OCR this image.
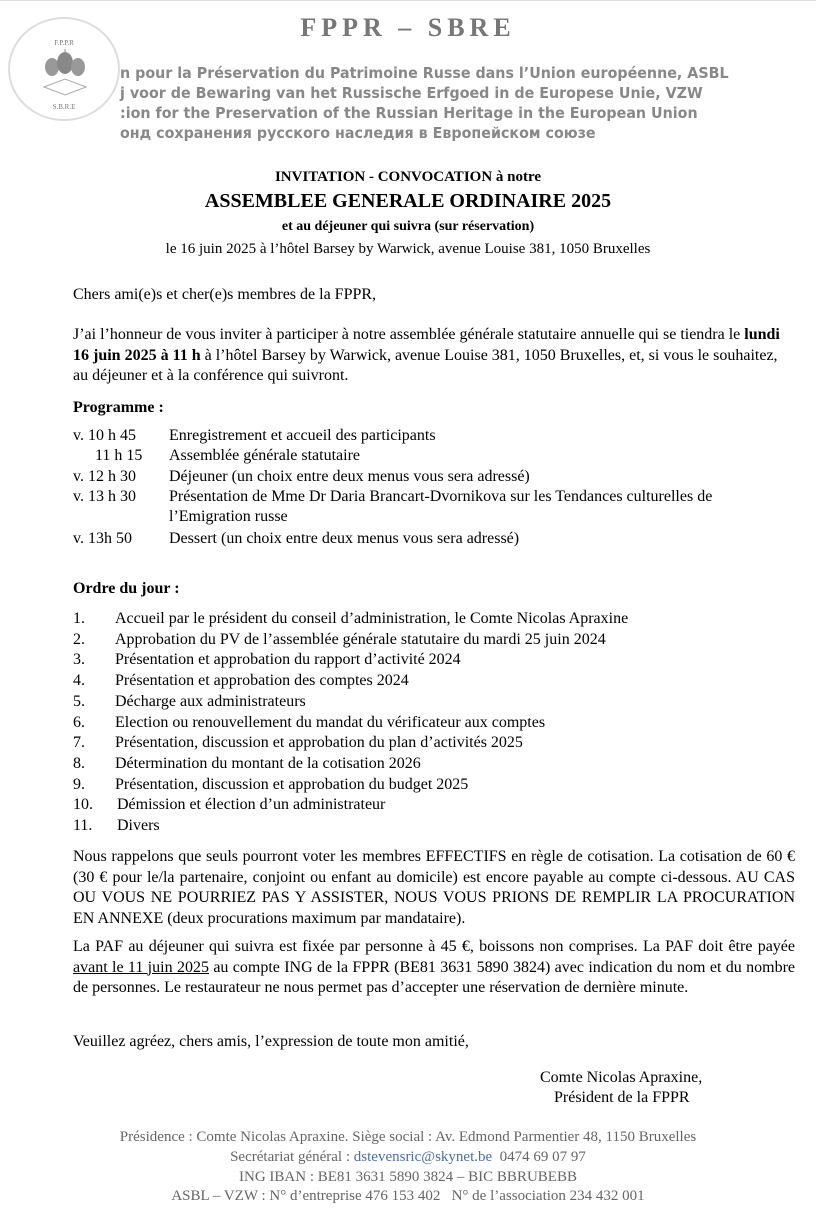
FPPR – SBRE
F.P.P.R
S.B.R.E
n pour la Préservation du Patrimoine Russe dans l’Union européenne, ASBL
j voor de Bewaring van het Russische Erfgoed in de Europese Unie, VZW
:ion for the Preservation of the Russian Heritage in the European Union
онд сохранения русского наследия в Европейском союзе
INVITATION - CONVOCATION à notre
ASSEMBLEE GENERALE ORDINAIRE 2025
et au déjeuner qui suivra (sur réservation)
le 16 juin 2025 à l’hôtel Barsey by Warwick, avenue Louise 381, 1050 Bruxelles
Chers ami(e)s et cher(e)s membres de la FPPR,
J’ai l’honneur de vous inviter à participer à notre assemblée générale statutaire annuelle qui se tiendra le lundi 16 juin 2025 à 11 h à l’hôtel Barsey by Warwick, avenue Louise 381, 1050 Bruxelles, et, si vous le souhaitez, au déjeuner et à la conférence qui suivront.
Programme :
v. 10 h 45 Enregistrement et accueil des participants
11 h 15 Assemblée générale statutaire
v. 12 h 30 Déjeuner (un choix entre deux menus vous sera adressé)
v. 13 h 30 Présentation de Mme Dr Daria Brancart-Dvornikova sur les Tendances culturelles de
l’Emigration russe
v. 13h 50 Dessert (un choix entre deux menus vous sera adressé)
Ordre du jour :
1. Accueil par le président du conseil d’administration, le Comte Nicolas Apraxine
2. Approbation du PV de l’assemblée générale statutaire du mardi 25 juin 2024
3. Présentation et approbation du rapport d’activité 2024
4. Présentation et approbation des comptes 2024
5. Décharge aux administrateurs
6. Election ou renouvellement du mandat du vérificateur aux comptes
7. Présentation, discussion et approbation du plan d’activités 2025
8. Détermination du montant de la cotisation 2026
9. Présentation, discussion et approbation du budget 2025
10. Démission et élection d’un administrateur
11. Divers
Nous rappelons que seuls pourront voter les membres EFFECTIFS en règle de cotisation. La cotisation de 60 € (30 € pour le/la partenaire, conjoint ou enfant au domicile) est encore payable au compte ci-dessous. AU CAS OU VOUS NE POURRIEZ PAS Y ASSISTER, NOUS VOUS PRIONS DE REMPLIR LA PROCURATION EN ANNEXE (deux procurations maximum par mandataire).
La PAF au déjeuner qui suivra est fixée par personne à 45 €, boissons non comprises. La PAF doit être payée avant le 11 juin 2025 au compte ING de la FPPR (BE81 3631 5890 3824) avec indication du nom et du nombre de personnes. Le restaurateur ne nous permet pas d’accepter une réservation de dernière minute.
Veuillez agréez, chers amis, l’expression de toute mon amitié,
Comte Nicolas Apraxine,
Président de la FPPR
Présidence : Comte Nicolas Apraxine. Siège social : Av. Edmond Parmentier 48, 1150 Bruxelles
Secrétariat général : dstevensric@skynet.be  0474 69 07 97
ING IBAN : BE81 3631 5890 3824 – BIC BBRUBEBB
ASBL – VZW : N° d’entreprise 476 153 402   N° de l’association 234 432 001
